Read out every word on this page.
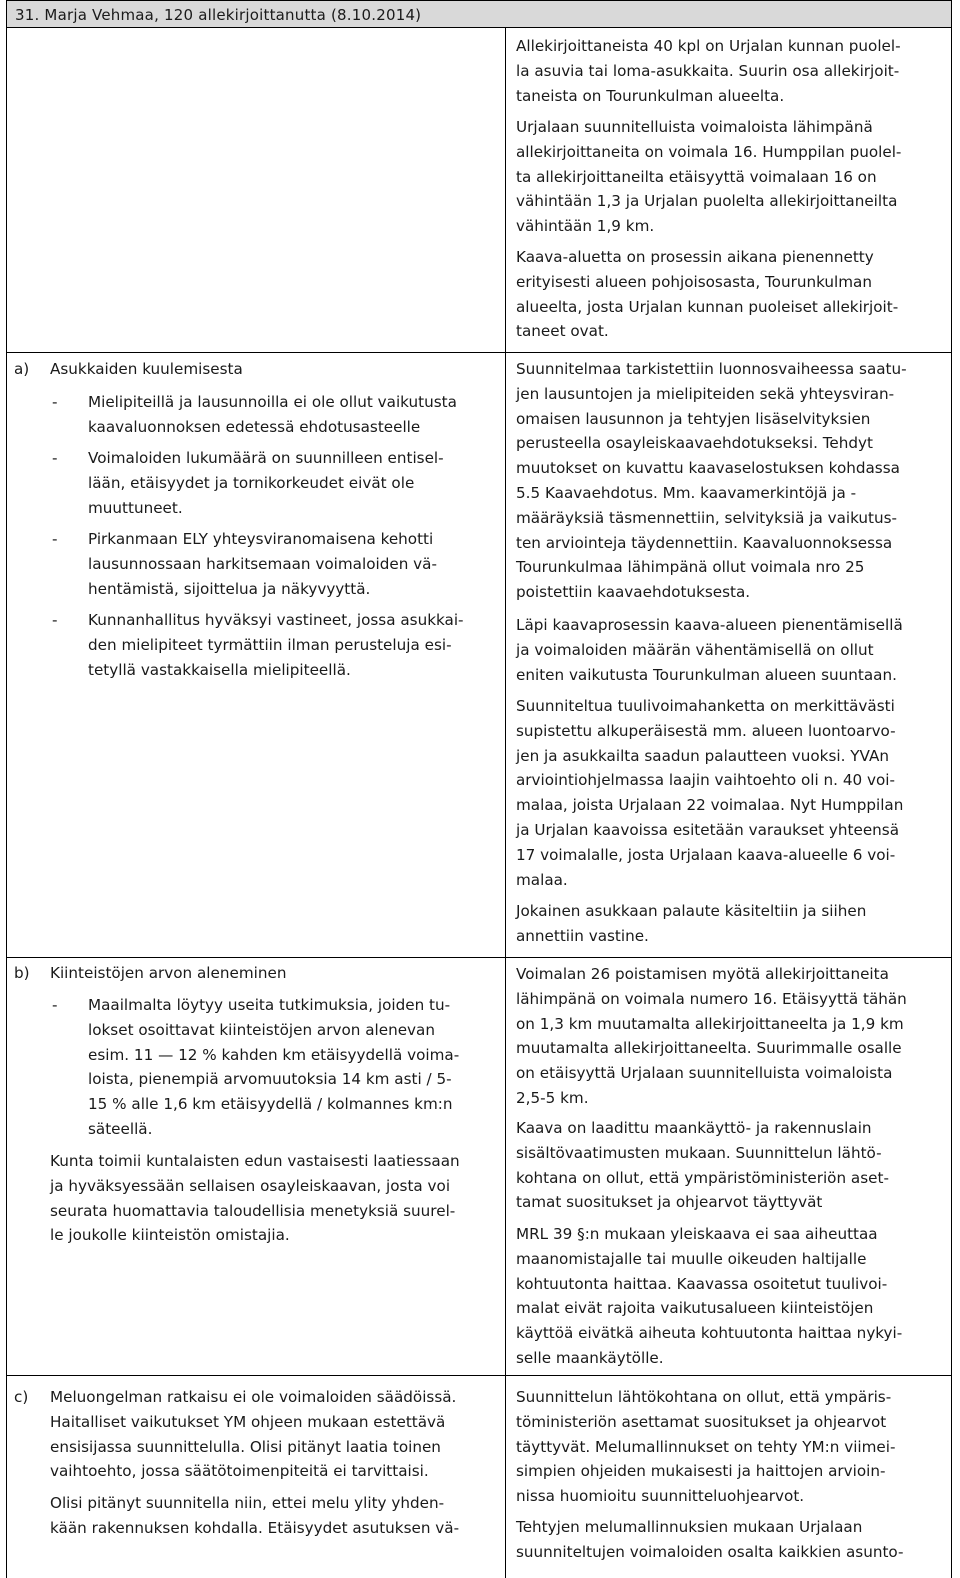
31. Marja Vehmaa, 120 allekirjoittanutta (8.10.2014)

Allekirjoittaneista 40 kpl on Urjalan kunnan puolel-
la asuvia tai loma-asukkaita. Suurin osa allekirjoit-
taneista on Tourunkulman alueelta.

Urjalaan suunnitelluista voimaloista lähimpänä
allekirjoittaneita on voimala 16. Humppilan puolel-
ta allekirjoittaneilta etäisyyttä voimalaan 16 on
vähintään 1,3 ja Urjalan puolelta allekirjoittaneilta
vähintään 1,9 km.

Kaava-aluetta on prosessin aikana pienennetty
erityisesti alueen pohjoisosasta, Tourunkulman
alueelta, josta Urjalan kunnan puoleiset allekirjoit-
taneet ovat.

a) Asukkaiden kuulemisesta
- Mielipiteillä ja lausunnoilla ei ole ollut vaikutusta
kaavaluonnoksen edetessä ehdotusasteelle

- Voimaloiden lukumäärä on suunnilleen entisel-
lään, etäisyydet ja tornikorkeudet eivät ole
muuttuneet.

- Pirkanmaan ELY yhteysviranomaisena kehotti
lausunnossaan harkitsemaan voimaloiden vä-
hentämistä, sijoittelua ja näkyvyyttä.

- Kunnanhallitus hyväksyi vastineet, jossa asukkai-
den mielipiteet tyrmättiin ilman perusteluja esi-
tetyllä vastakkaisella mielipiteellä.

Suunnitelmaa tarkistettiin luonnosvaiheessa saatu-
jen lausuntojen ja mielipiteiden sekä yhteysviran-
omaisen lausunnon ja tehtyjen lisäselvityksien
perusteella osayleiskaavaehdotukseksi. Tehdyt
muutokset on kuvattu kaavaselostuksen kohdassa
5.5 Kaavaehdotus. Mm. kaavamerkintöjä ja -
määräyksiä täsmennettiin, selvityksiä ja vaikutus-
ten arviointeja täydennettiin. Kaavaluonnoksessa
Tourunkulmaa lähimpänä ollut voimala nro 25
poistettiin kaavaehdotuksesta.

Läpi kaavaprosessin kaava-alueen pienentämisellä
ja voimaloiden määrän vähentämisellä on ollut
eniten vaikutusta Tourunkulman alueen suuntaan.

Suunniteltua tuulivoimahanketta on merkittävästi
supistettu alkuperäisestä mm. alueen luontoarvo-
jen ja asukkailta saadun palautteen vuoksi. YVAn
arviointiohjelmassa laajin vaihtoehto oli n. 40 voi-
malaa, joista Urjalaan 22 voimalaa. Nyt Humppilan
ja Urjalan kaavoissa esitetään varaukset yhteensä
17 voimalalle, josta Urjalaan kaava-alueelle 6 voi-
malaa.

Jokainen asukkaan palaute käsiteltiin ja siihen
annettiin vastine.

b) Kiinteistöjen arvon aleneminen
- Maailmalta löytyy useita tutkimuksia, joiden tu-
lokset osoittavat kiinteistöjen arvon alenevan
esim. 11 — 12 % kahden km etäisyydellä voima-
loista, pienempiä arvomuutoksia 14 km asti / 5-
15 % alle 1,6 km etäisyydellä / kolmannes km:n
säteellä.

Kunta toimii kuntalaisten edun vastaisesti laatiessaan
ja hyväksyessään sellaisen osayleiskaavan, josta voi
seurata huomattavia taloudellisia menetyksiä suurel-
le joukolle kiinteistön omistajia.

Voimalan 26 poistamisen myötä allekirjoittaneita
lähimpänä on voimala numero 16. Etäisyyttä tähän
on 1,3 km muutamalta allekirjoittaneelta ja 1,9 km
muutamalta allekirjoittaneelta. Suurimmalle osalle
on etäisyyttä Urjalaan suunnitelluista voimaloista
2,5-5 km.

Kaava on laadittu maankäyttö- ja rakennuslain
sisältövaatimusten mukaan. Suunnittelun lähtö-
kohtana on ollut, että ympäristöministeriön aset-
tamat suositukset ja ohjearvot täyttyvät

MRL 39 §:n mukaan yleiskaava ei saa aiheuttaa
maanomistajalle tai muulle oikeuden haltijalle
kohtuutonta haittaa. Kaavassa osoitetut tuulivoi-
malat eivät rajoita vaikutusalueen kiinteistöjen
käyttöä eivätkä aiheuta kohtuutonta haittaa nykyi-
selle maankäytölle.

c) Meluongelman ratkaisu ei ole voimaloiden säädöissä.
Haitalliset vaikutukset YM ohjeen mukaan estettävä
ensisijassa suunnittelulla. Olisi pitänyt laatia toinen
vaihtoehto, jossa säätötoimenpiteitä ei tarvittaisi.

Olisi pitänyt suunnitella niin, ettei melu ylity yhden-
kään rakennuksen kohdalla. Etäisyydet asutuksen vä-

Suunnittelun lähtökohtana on ollut, että ympäris-
töministeriön asettamat suositukset ja ohjearvot
täyttyvät. Melumallinnukset on tehty YM:n viimei-
simpien ohjeiden mukaisesti ja haittojen arvioin-
nissa huomioitu suunnitteluohjearvot.

Tehtyjen melumallinnuksien mukaan Urjalaan
suunniteltujen voimaloiden osalta kaikkien asunto-
